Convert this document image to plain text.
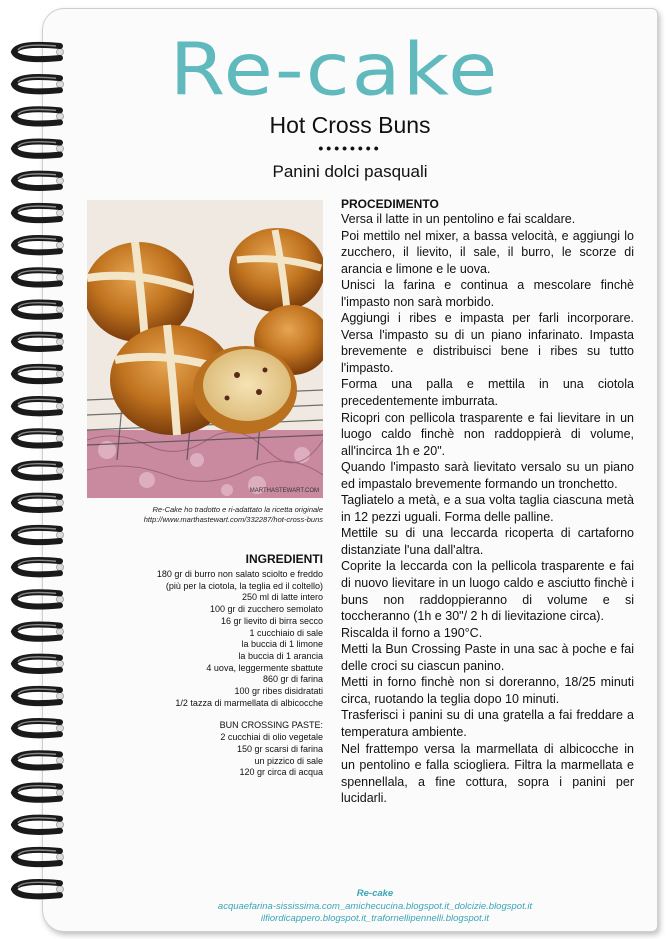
Re-cake
Hot Cross Buns
••••••••
Panini dolci pasquali
MARTHASTEWART.COM
Re-Cake ho tradotto e ri-adattato la ricetta originale
http://www.marthastewart.com/332287/hot-cross-buns
INGREDIENTI
180 gr di burro non salato sciolto e freddo
(più per la ciotola, la teglia ed il coltello)
250 ml di latte intero
100 gr di zucchero semolato
16 gr lievito di birra secco
1 cucchiaio di sale
la buccia di 1 limone
la buccia di 1 arancia
4 uova, leggermente sbattute
860 gr di farina
100 gr ribes disidratati
1/2 tazza di marmellata di albicocche
BUN CROSSING PASTE:
2 cucchiai di olio vegetale
150 gr scarsi di farina
un pizzico di sale
120 gr circa di acqua

PROCEDIMENTO

Versa il latte in un pentolino e fai scaldare.

Poi mettilo nel mixer, a bassa velocità, e aggiungi lo zucchero, il lievito, il sale, il burro, le scorze di arancia e limone e le uova.

Unisci la farina e continua a mescolare finchè l'impasto non sarà morbido.

Aggiungi i ribes e impasta per farli incorporare. Versa l'impasto su di un piano infarinato. Impasta brevemente e distribuisci bene i ribes su tutto l'impasto.

Forma una palla e mettila in una ciotola precedentemente imburrata.

Ricopri con pellicola trasparente e fai lievitare in un luogo caldo finchè non raddoppierà di volume, all'incirca 1h e 20".

Quando l'impasto sarà lievitato versalo su un piano ed impastalo brevemente formando un tronchetto.

Tagliatelo a metà, e a sua volta taglia ciascuna metà in 12 pezzi uguali. Forma delle palline.

Mettile su di una leccarda ricoperta di cartaforno distanziate l'una dall'altra.

Coprite la leccarda con la pellicola trasparente e fai di nuovo lievitare in un luogo caldo e asciutto finchè i buns non raddoppieranno di volume e si toccheranno (1h e 30"/ 2 h di lievitazione circa).

Riscalda il forno a 190°C.

Metti la Bun Crossing Paste in una sac à poche e fai delle croci su ciascun panino.

Metti in forno finchè non si doreranno, 18/25 minuti circa, ruotando la teglia dopo 10 minuti.

Trasferisci i panini su di una gratella a fai freddare a temperatura ambiente.

Nel frattempo versa la marmellata di albicocche in un pentolino e falla sciogliera. Filtra la marmellata e spennellala, a fine cottura, sopra i panini per lucidarli.

Re-cake
acquaefarina-sississima.com_amichecucina.blogspot.it_dolcizie.blogspot.it
ilfiordicappero.blogspot.it_trafornellipennelli.blogspot.it
